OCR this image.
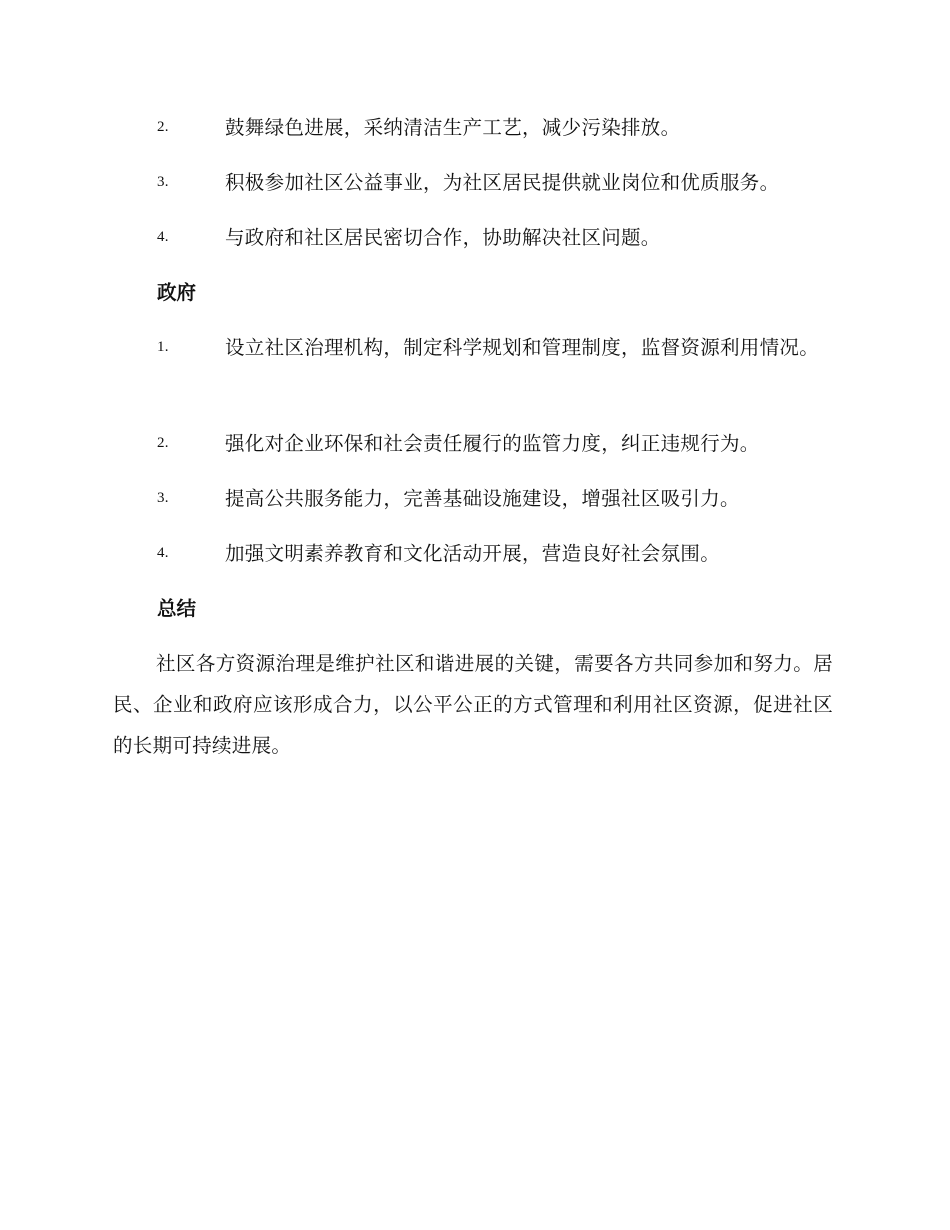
2.	鼓舞绿色进展，采纳清洁生产工艺，减少污染排放。
3.	积极参加社区公益事业，为社区居民提供就业岗位和优质服务。
4.	与政府和社区居民密切合作，协助解决社区问题。
政府
1.	设立社区治理机构，制定科学规划和管理制度，监督资源利用情况。
2.	强化对企业环保和社会责任履行的监管力度，纠正违规行为。
3.	提高公共服务能力，完善基础设施建设，增强社区吸引力。
4.	加强文明素养教育和文化活动开展，营造良好社会氛围。
总结
社区各方资源治理是维护社区和谐进展的关键，需要各方共同参加和努力。居民、企业和政府应该形成合力，以公平公正的方式管理和利用社区资源，促进社区的长期可持续进展。
